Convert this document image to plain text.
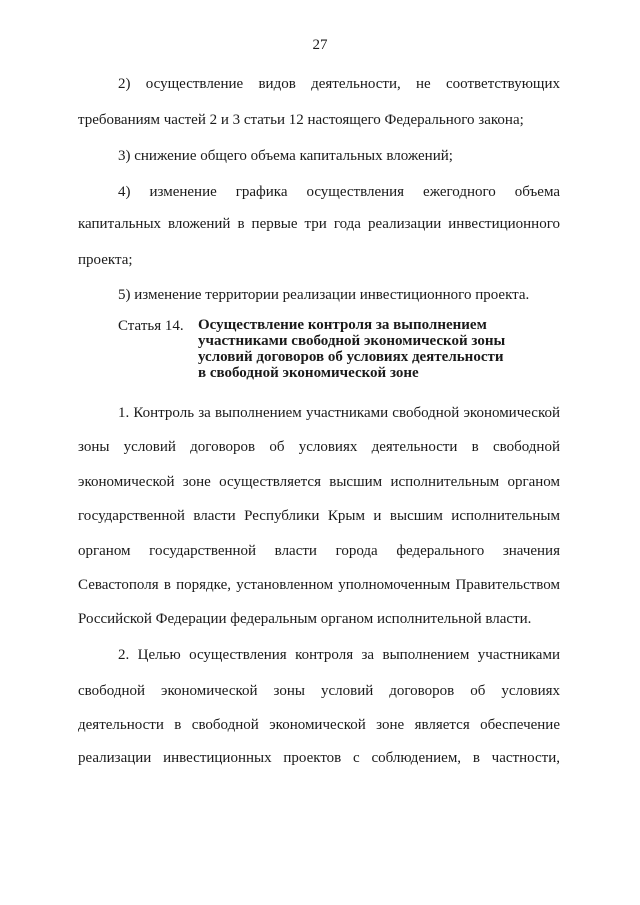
27
2) осуществление видов деятельности, не соответствующих
требованиям частей 2 и 3 статьи 12 настоящего Федерального закона;
3) снижение общего объема капитальных вложений;
4) изменение графика осуществления ежегодного объема
капитальных вложений в первые три года реализации инвестиционного
проекта;
5) изменение территории реализации инвестиционного проекта.
Статья 14. Осуществление контроля за выполнением
участниками свободной экономической зоны
условий договоров об условиях деятельности
в свободной экономической зоне
1. Контроль за выполнением участниками свободной экономической
зоны условий договоров об условиях деятельности в свободной
экономической зоне осуществляется высшим исполнительным органом
государственной власти Республики Крым и высшим исполнительным
органом государственной власти города федерального значения
Севастополя в порядке, установленном уполномоченным Правительством
Российской Федерации федеральным органом исполнительной власти.
2. Целью осуществления контроля за выполнением участниками
свободной экономической зоны условий договоров об условиях
деятельности в свободной экономической зоне является обеспечение
реализации инвестиционных проектов с соблюдением, в частности,
